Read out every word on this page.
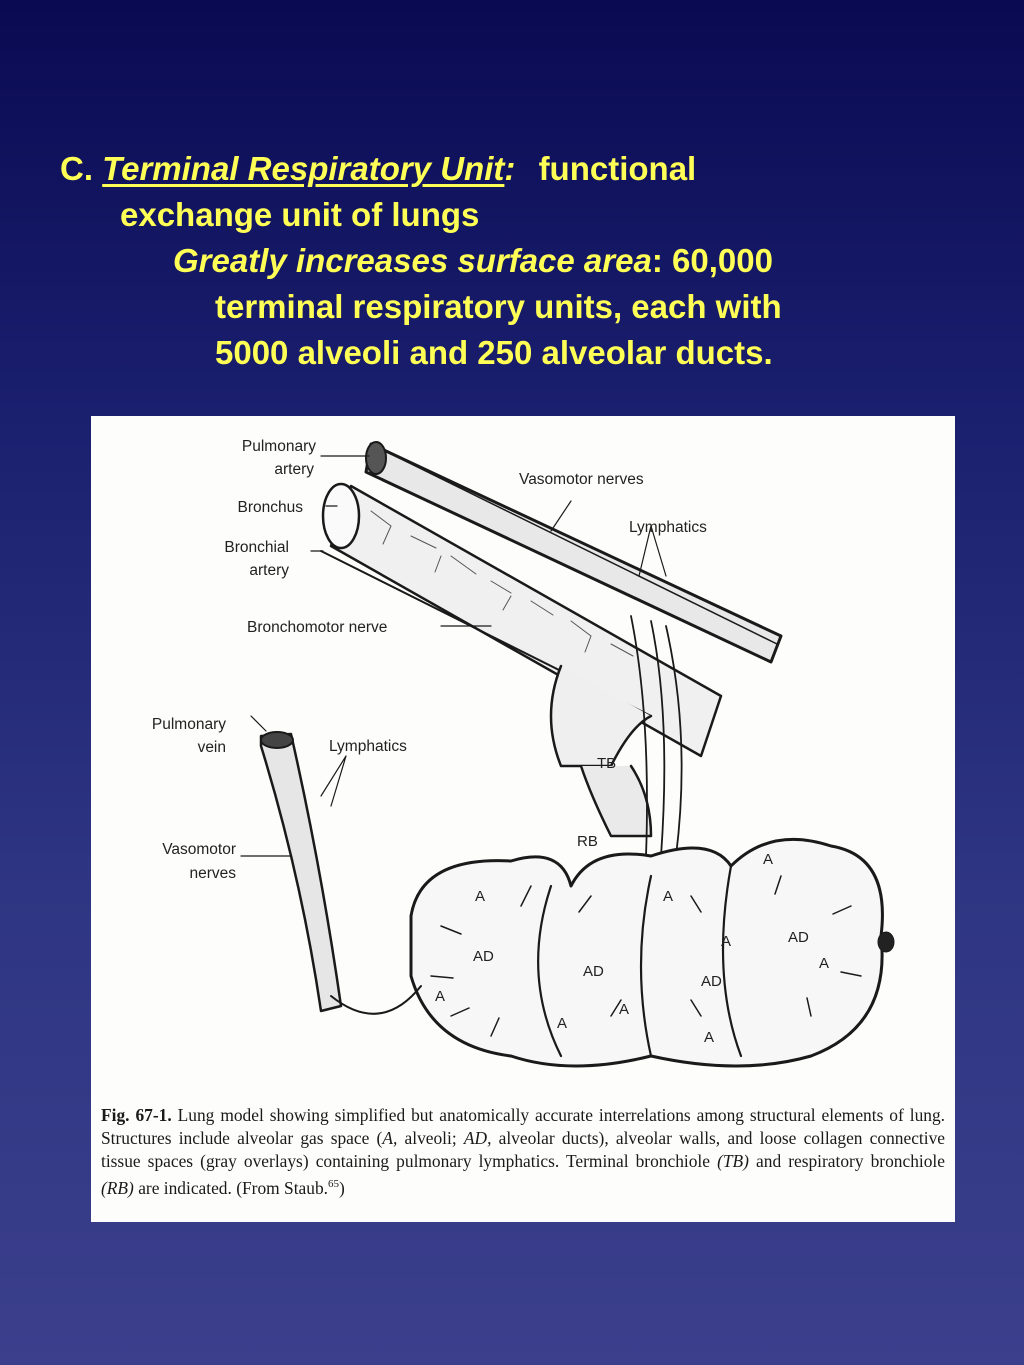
C. Terminal Respiratory Unit: functional
exchange unit of lungs
Greatly increases surface area: 60,000
terminal respiratory units, each with
5000 alveoli and 250 alveolar ducts.
Pulmonary
artery
Bronchus
Bronchial
artery
Bronchomotor nerve
Vasomotor nerves
Lymphatics
Pulmonary
vein	Lymphatics
Vasomotor
nerves
TB
RB
A
A
A
A
A
A
A
A
A
AD
AD
AD
AD
Fig. 67-1. Lung model showing simplified but anatomically accurate interrelations among structural elements of lung. Structures include alveolar gas space (A, alveoli; AD, alveolar ducts), alveolar walls, and loose collagen connective tissue spaces (gray overlays) containing pulmonary lymphatics. Terminal bronchiole (TB) and respiratory bronchiole (RB) are indicated. (From Staub.$^{65}$)
